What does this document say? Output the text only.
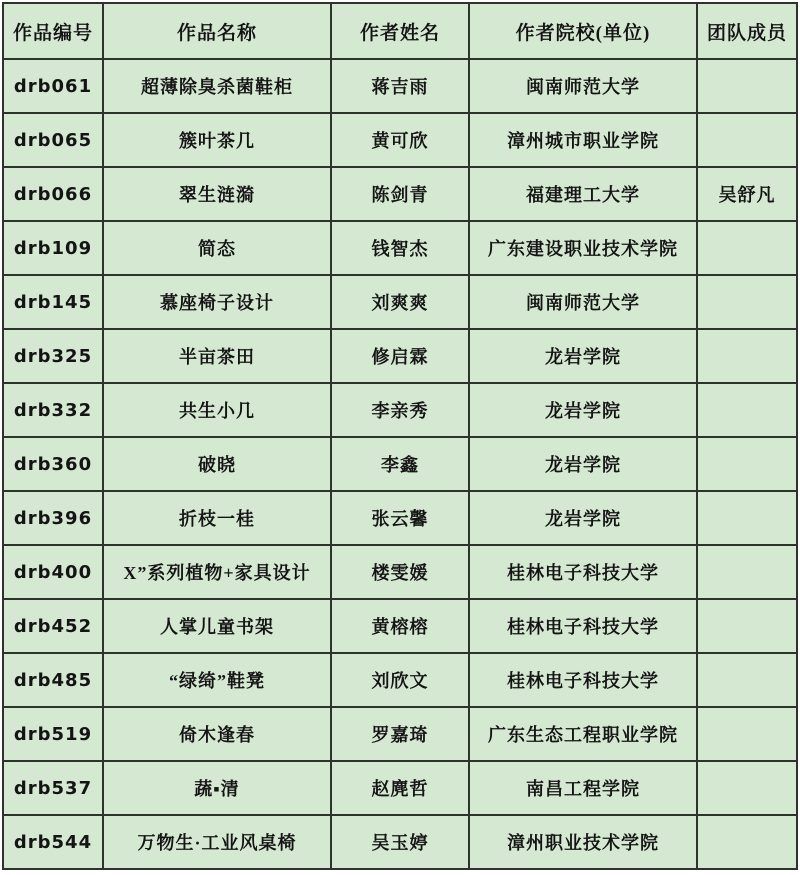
作品编号	作品名称	作者姓名	作者院校(单位)	团队成员
drb061	超薄除臭杀菌鞋柜	蒋吉雨	闽南师范大学	
drb065	簇叶茶几	黄可欣	漳州城市职业学院	
drb066	翠生涟漪	陈剑青	福建理工大学	吴舒凡
drb109	简态	钱智杰	广东建设职业技术学院	
drb145	慕座椅子设计	刘爽爽	闽南师范大学	
drb325	半亩茶田	修启霖	龙岩学院	
drb332	共生小几	李亲秀	龙岩学院	
drb360	破晓	李鑫	龙岩学院	
drb396	折枝一桂	张云馨	龙岩学院	
drb400	X”系列植物+家具设计	楼雯媛	桂林电子科技大学	
drb452	人掌儿童书架	黄榕榕	桂林电子科技大学	
drb485	“绿绮”鞋凳	刘欣文	桂林电子科技大学	
drb519	倚木逢春	罗嘉琦	广东生态工程职业学院	
drb537	蔬▪清	赵麂哲	南昌工程学院	
drb544	万物生·工业风桌椅	吴玉婷	漳州职业技术学院	
